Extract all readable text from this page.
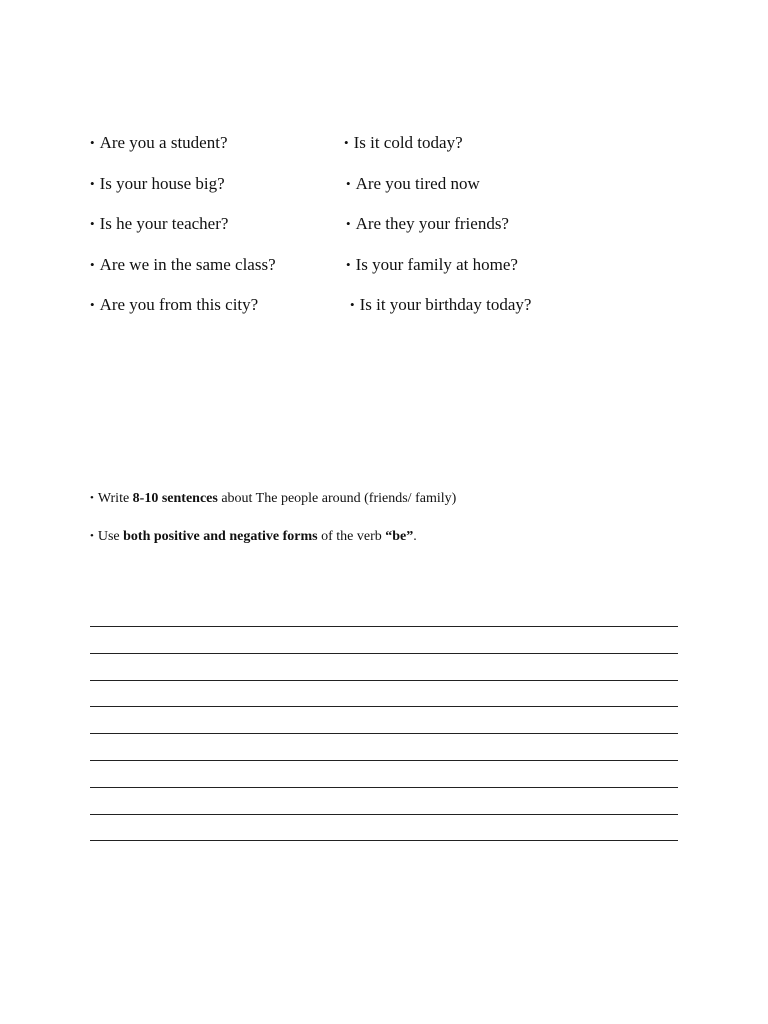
• Are you a student?
• Is your house big?
• Is he your teacher?
• Are we in the same class?
• Are you from this city?
• Is it cold today?
• Are you tired now
• Are they your friends?
• Is your family at home?
• Is it your birthday today?
• Write 8-10 sentences about The people around (friends/ family)
• Use both positive and negative forms of the verb “be”.
